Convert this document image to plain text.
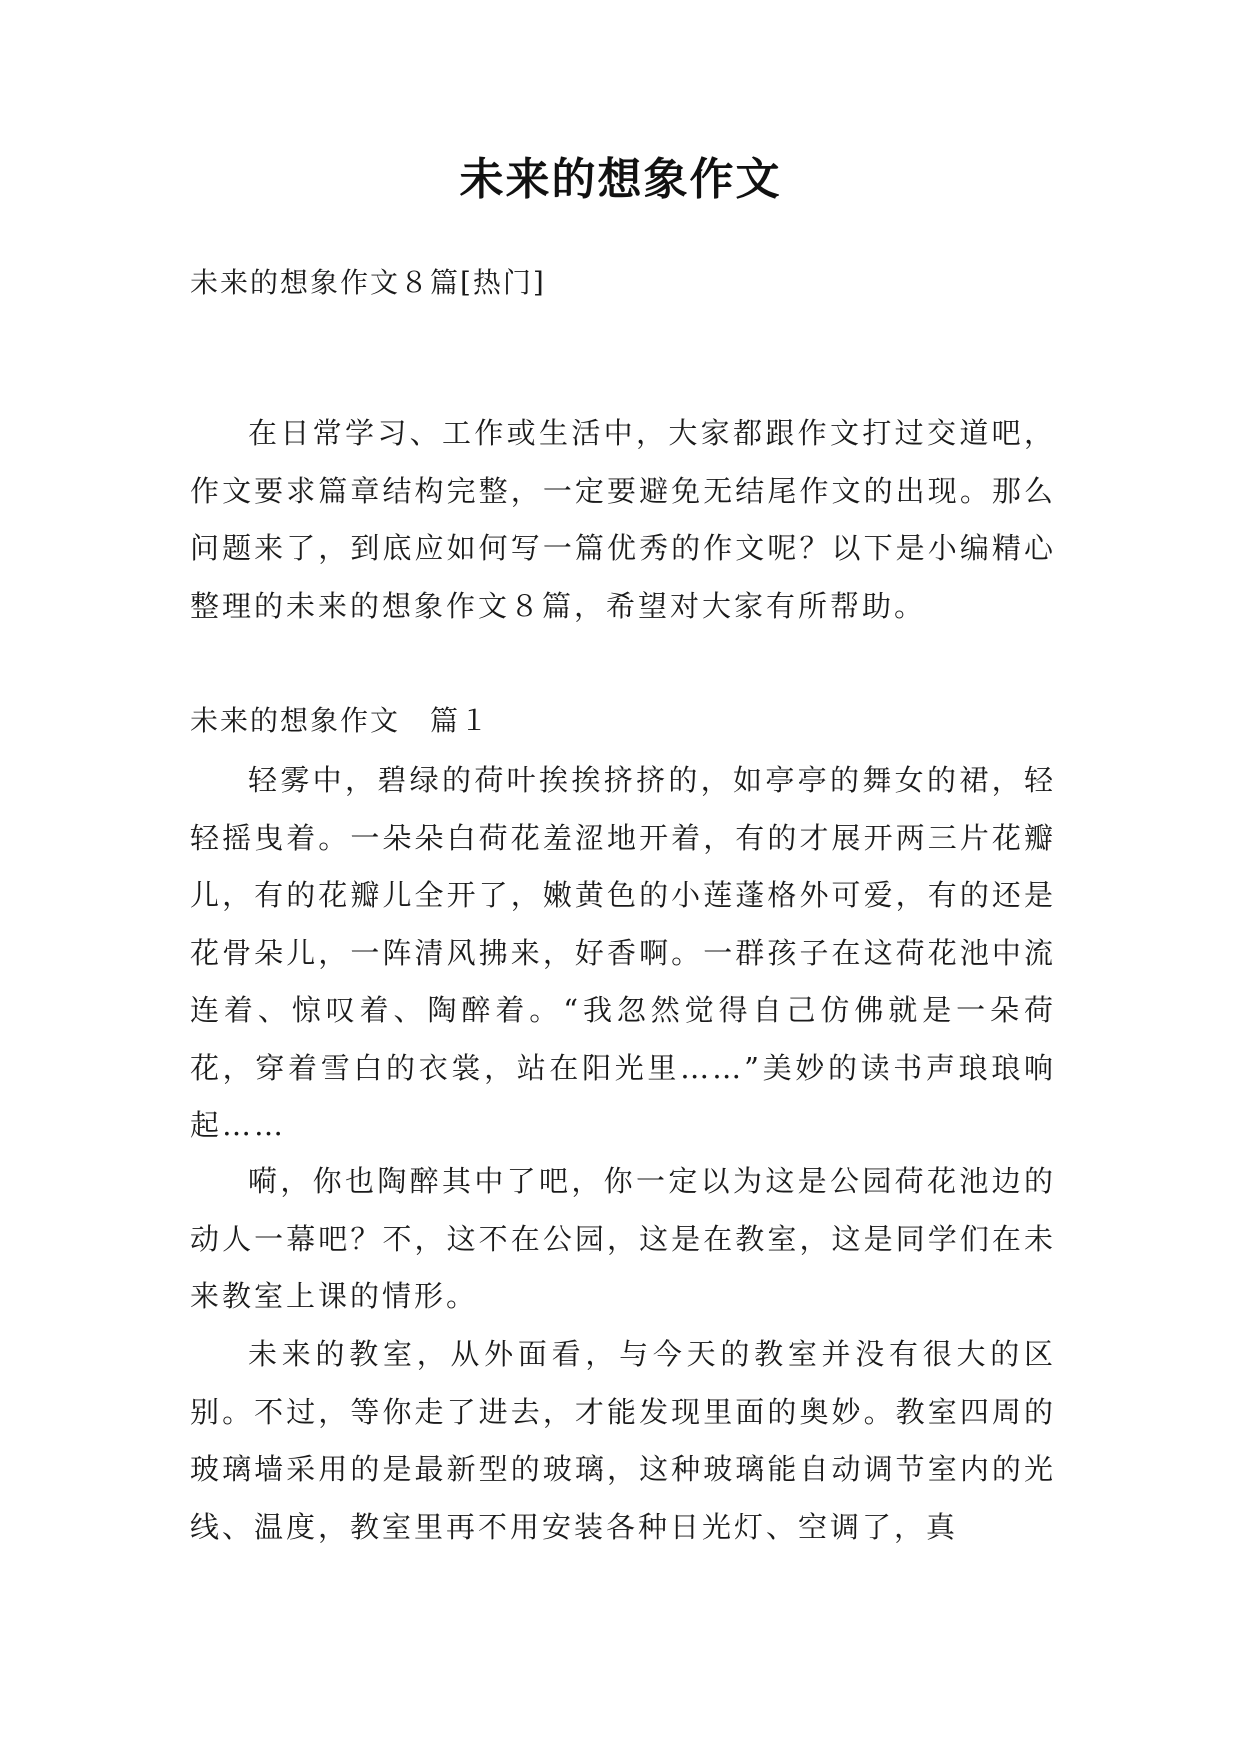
未来的想象作文
未来的想象作文８篇[热门]

在日常学习、工作或生活中，大家都跟作文打过交道吧，作文要求篇章结构完整，一定要避免无结尾作文的出现。那么问题来了，到底应如何写一篇优秀的作文呢？以下是小编精心整理的未来的想象作文８篇，希望对大家有所帮助。

未来的想象作文　篇１

轻雾中，碧绿的荷叶挨挨挤挤的，如亭亭的舞女的裙，轻轻摇曳着。一朵朵白荷花羞涩地开着，有的才展开两三片花瓣儿，有的花瓣儿全开了，嫩黄色的小莲蓬格外可爱，有的还是花骨朵儿，一阵清风拂来，好香啊。一群孩子在这荷花池中流连着、惊叹着、陶醉着。“我忽然觉得自己仿佛就是一朵荷花，穿着雪白的衣裳，站在阳光里……”美妙的读书声琅琅响起……

嗬，你也陶醉其中了吧，你一定以为这是公园荷花池边的动人一幕吧？不，这不在公园，这是在教室，这是同学们在未来教室上课的情形。

未来的教室，从外面看，与今天的教室并没有很大的区别。不过，等你走了进去，才能发现里面的奥妙。教室四周的玻璃墙采用的是最新型的玻璃，这种玻璃能自动调节室内的光线、温度，教室里再不用安装各种日光灯、空调了，真
